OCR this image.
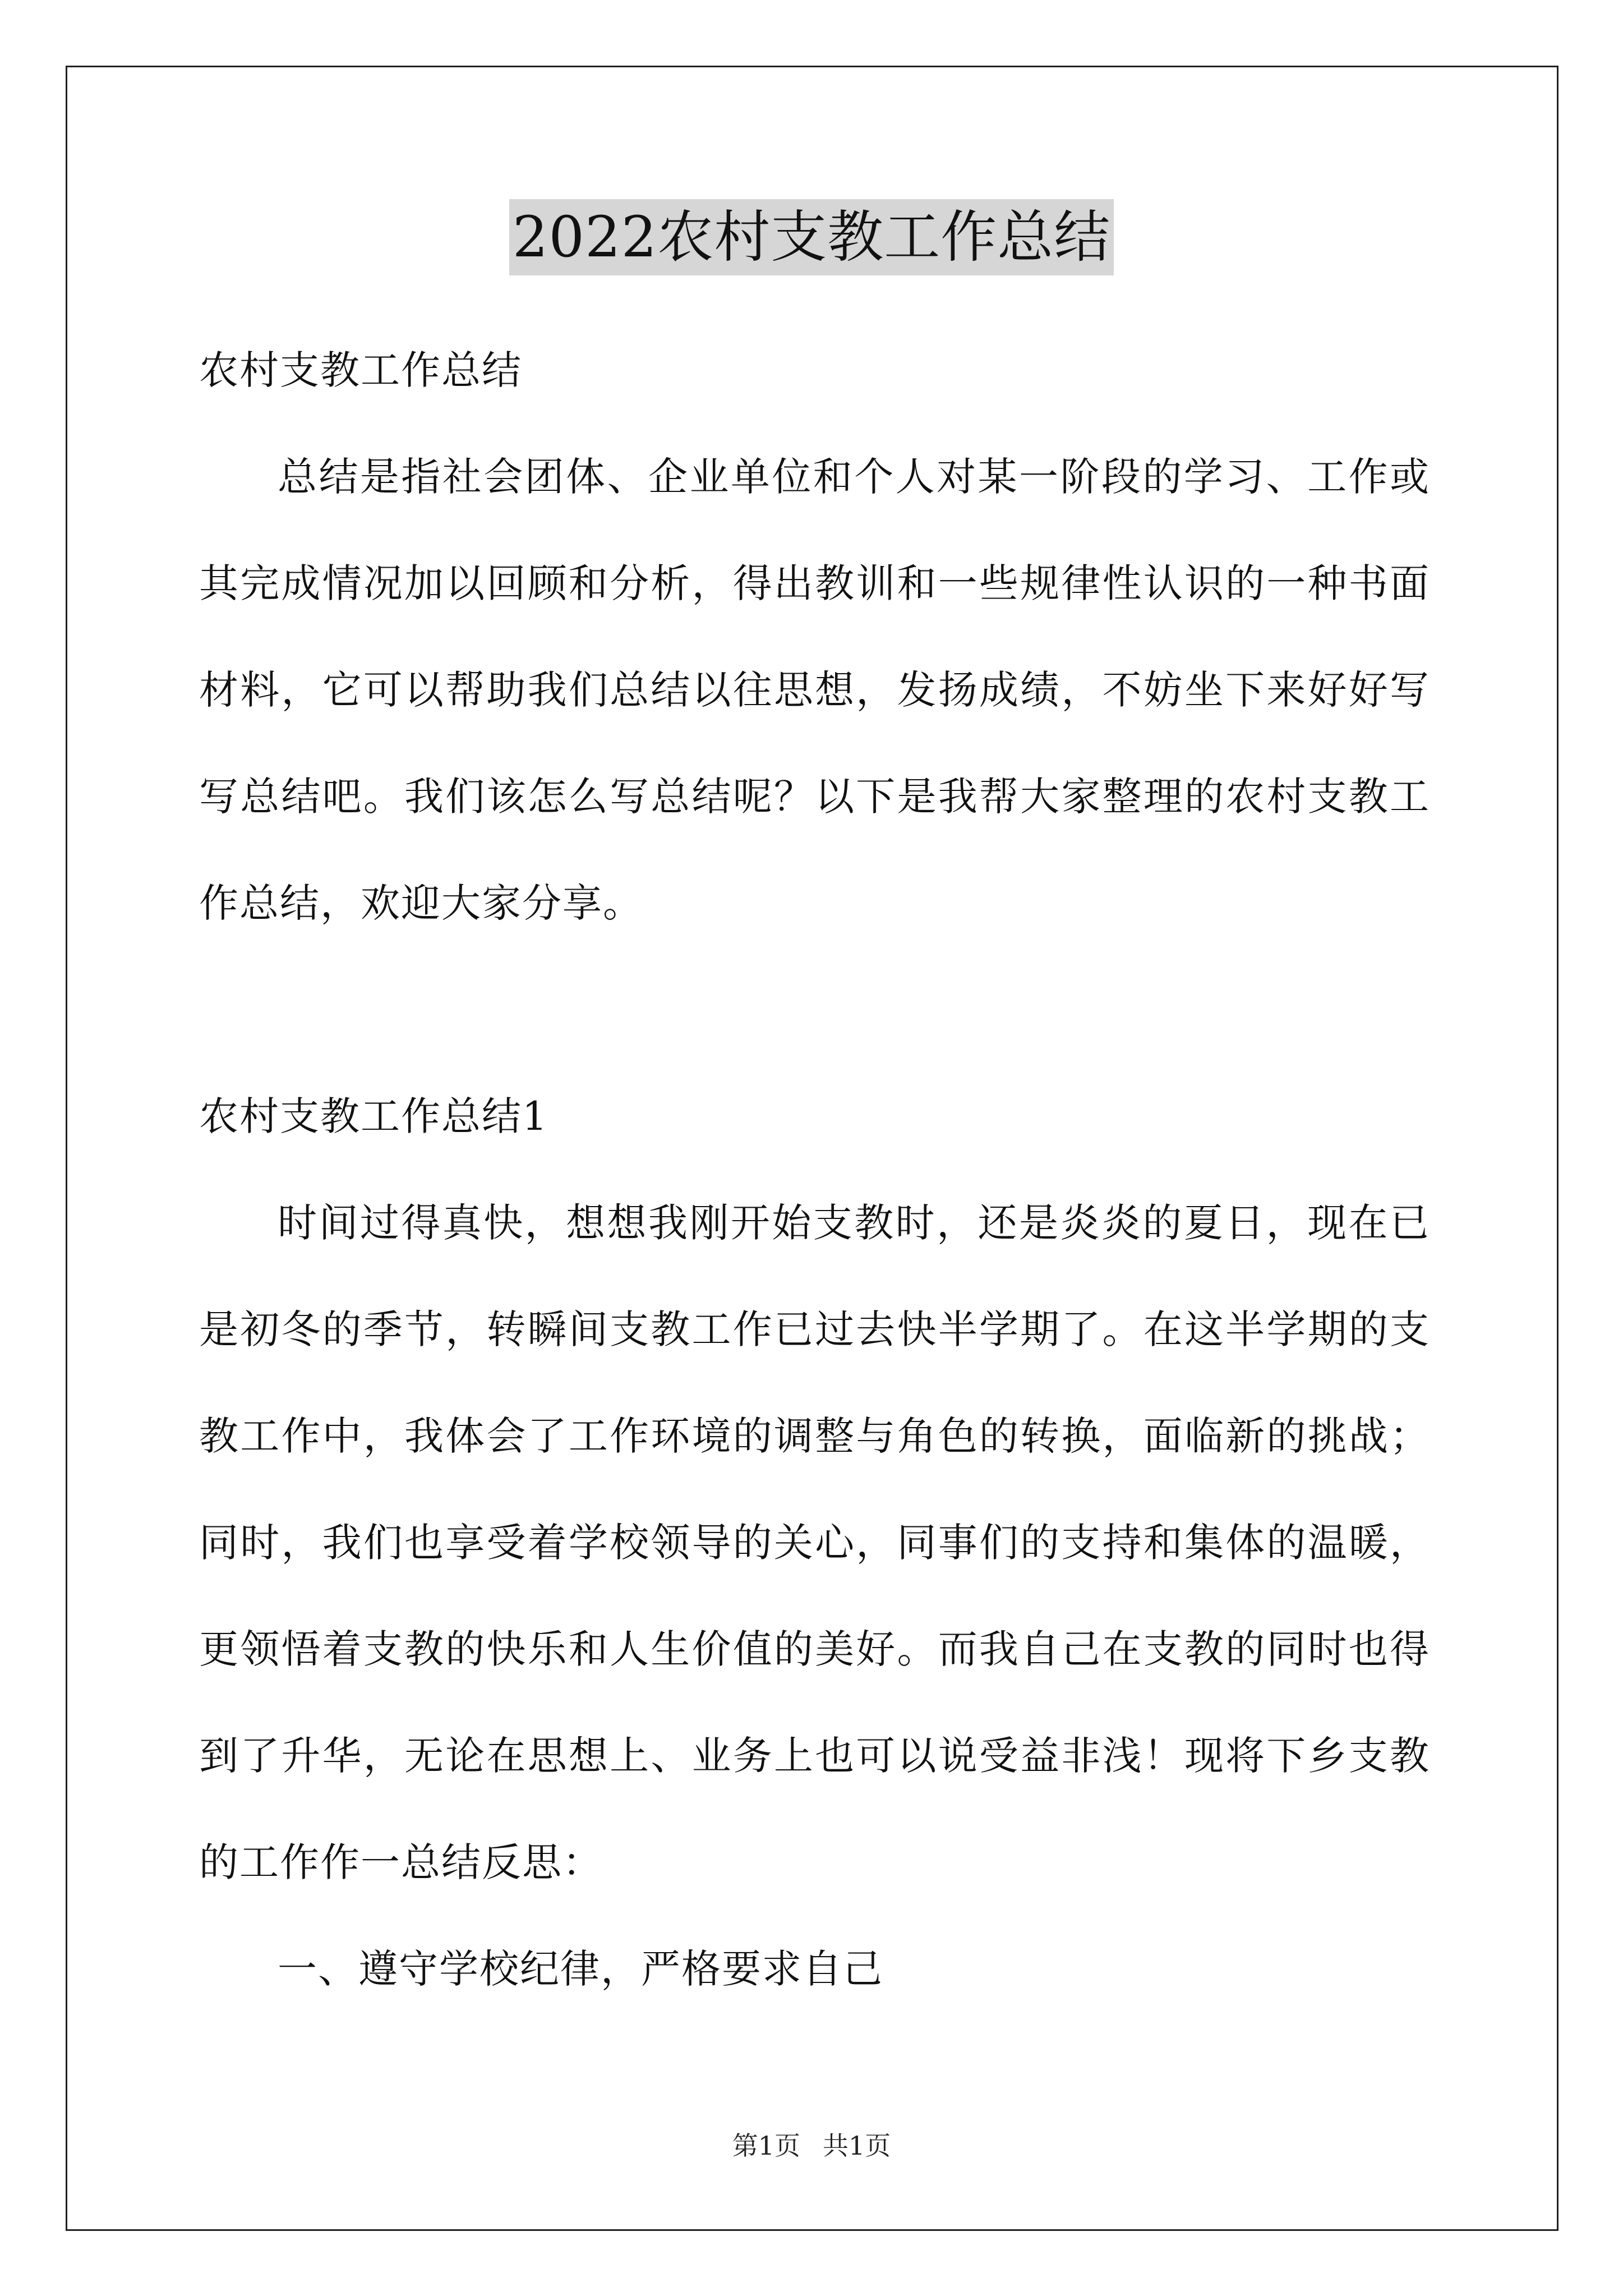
2022农村支教工作总结

农村支教工作总结

总结是指社会团体、企业单位和个人对某一阶段的学习、工作或其完成情况加以回顾和分析，得出教训和一些规律性认识的一种书面材料，它可以帮助我们总结以往思想，发扬成绩，不妨坐下来好好写写总结吧。我们该怎么写总结呢？以下是我帮大家整理的农村支教工作总结，欢迎大家分享。

农村支教工作总结1

时间过得真快，想想我刚开始支教时，还是炎炎的夏日，现在已是初冬的季节，转瞬间支教工作已过去快半学期了。在这半学期的支教工作中，我体会了工作环境的调整与角色的转换，面临新的挑战；同时，我们也享受着学校领导的关心，同事们的支持和集体的温暖，更领悟着支教的快乐和人生价值的美好。而我自己在支教的同时也得到了升华，无论在思想上、业务上也可以说受益非浅！现将下乡支教的工作作一总结反思：

一、遵守学校纪律，严格要求自己

第1页 共1页
